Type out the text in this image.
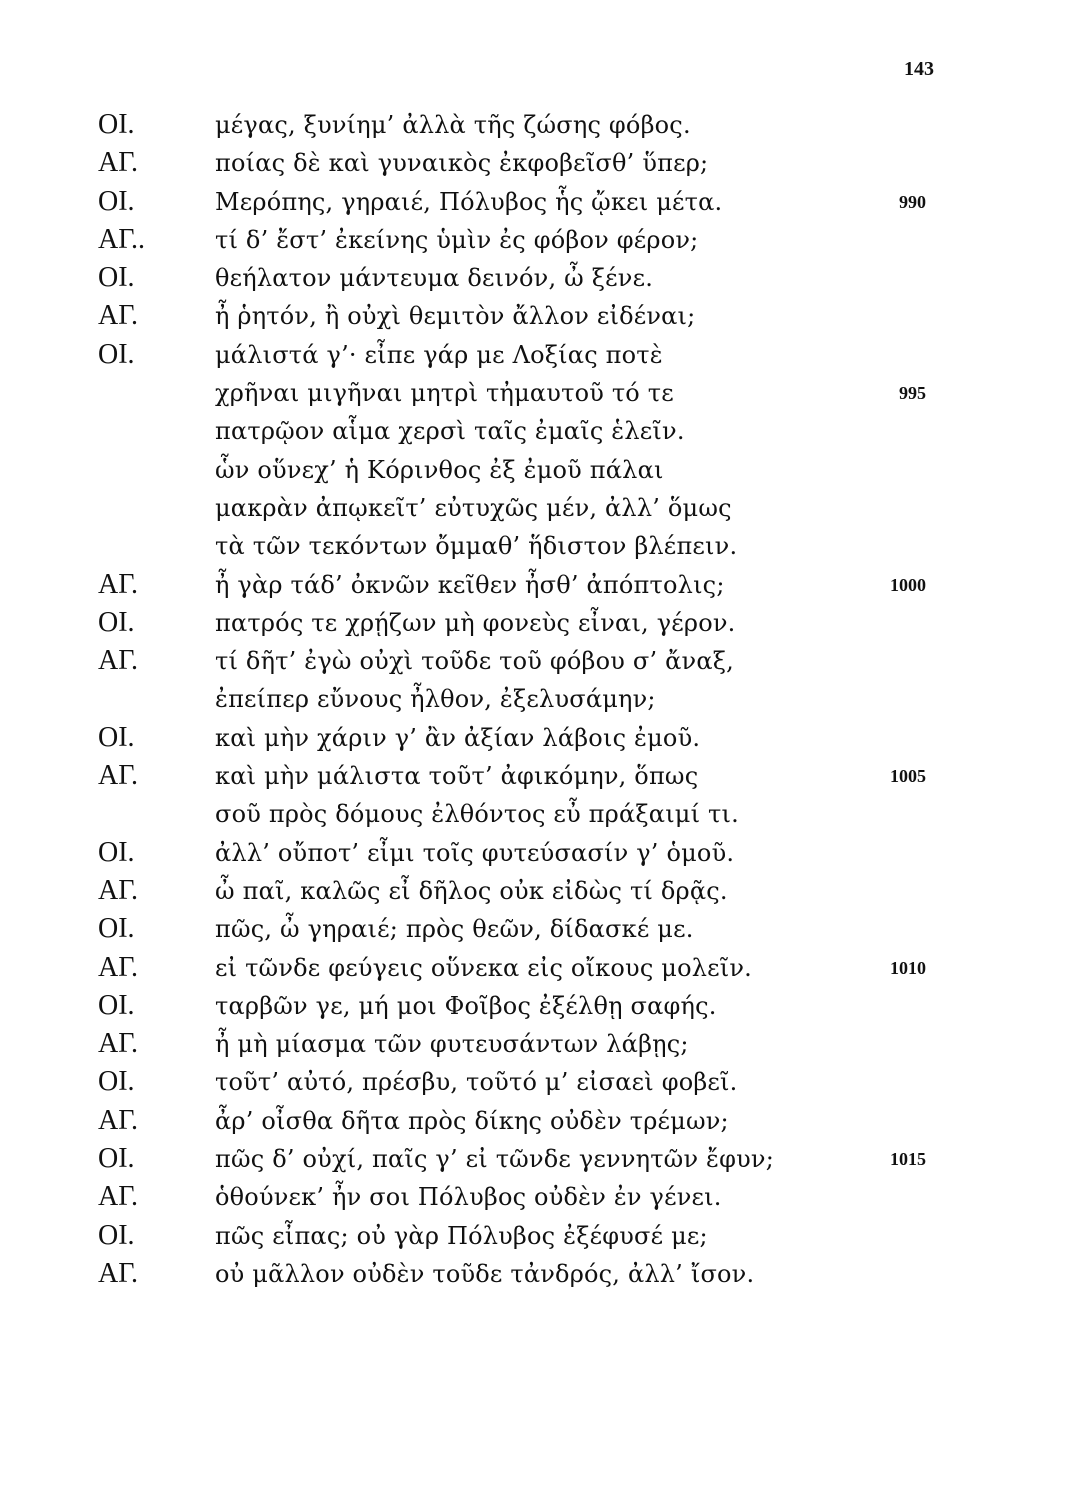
143
ΟΙ.	μέγας, ξυνίημ’ ἀλλὰ τῆς ζώσης φόβος.
ΑΓ.	ποίας δὲ καὶ γυναικὸς ἐκφοβεῖσθ’ ὕπερ;
ΟΙ.	Μερόπης, γηραιέ, Πόλυβος ἧς ᾤκει μέτα.	990
ΑΓ..	τί δ’ ἔστ’ ἐκείνης ὑμὶν ἐς φόβον φέρον;
ΟΙ.	θεήλατον μάντευμα δεινόν, ὦ ξένε.
ΑΓ.	ἦ ῥητόν, ἢ οὐχὶ θεμιτὸν ἄλλον εἰδέναι;
ΟΙ.	μάλιστά γ’· εἶπε γάρ με Λοξίας ποτὲ
χρῆναι μιγῆναι μητρὶ τἠμαυτοῦ τό τε	995
πατρῷον αἷμα χερσὶ ταῖς ἐμαῖς ἑλεῖν.
ὧν οὕνεχ’ ἡ Κόρινθος ἐξ ἐμοῦ πάλαι
μακρὰν ἀπῳκεῖτ’ εὐτυχῶς μέν, ἀλλ’ ὅμως
τὰ τῶν τεκόντων ὄμμαθ’ ἥδιστον βλέπειν.
ΑΓ.	ἦ γὰρ τάδ’ ὀκνῶν κεῖθεν ἦσθ’ ἀπόπτολις;	1000
ΟΙ.	πατρός τε χρῄζων μὴ φονεὺς εἶναι, γέρον.
ΑΓ.	τί δῆτ’ ἐγὼ οὐχὶ τοῦδε τοῦ φόβου σ’ ἄναξ,
ἐπείπερ εὔνους ἦλθον, ἐξελυσάμην;
ΟΙ.	καὶ μὴν χάριν γ’ ἂν ἀξίαν λάβοις ἐμοῦ.
ΑΓ.	καὶ μὴν μάλιστα τοῦτ’ ἀφικόμην, ὅπως	1005
σοῦ πρὸς δόμους ἐλθόντος εὖ πράξαιμί τι.
ΟΙ.	ἀλλ’ οὔποτ’ εἶμι τοῖς φυτεύσασίν γ’ ὁμοῦ.
ΑΓ.	ὦ παῖ, καλῶς εἶ δῆλος οὐκ εἰδὼς τί δρᾷς.
ΟΙ.	πῶς, ὦ γηραιέ; πρὸς θεῶν, δίδασκέ με.
ΑΓ.	εἰ τῶνδε φεύγεις οὕνεκα εἰς οἴκους μολεῖν.	1010
ΟΙ.	ταρβῶν γε, μή μοι Φοῖβος ἐξέλθῃ σαφής.
ΑΓ.	ἦ μὴ μίασμα τῶν φυτευσάντων λάβῃς;
ΟΙ.	τοῦτ’ αὐτό, πρέσβυ, τοῦτό μ’ εἰσαεὶ φοβεῖ.
ΑΓ.	ἆρ’ οἶσθα δῆτα πρὸς δίκης οὐδὲν τρέμων;
ΟΙ.	πῶς δ’ οὐχί, παῖς γ’ εἰ τῶνδε γεννητῶν ἔφυν;	1015
ΑΓ.	ὁθούνεκ’ ἦν σοι Πόλυβος οὐδὲν ἐν γένει.
ΟΙ.	πῶς εἶπας; οὐ γὰρ Πόλυβος ἐξέφυσέ με;
ΑΓ.	οὐ μᾶλλον οὐδὲν τοῦδε τἀνδρός, ἀλλ’ ἴσον.
